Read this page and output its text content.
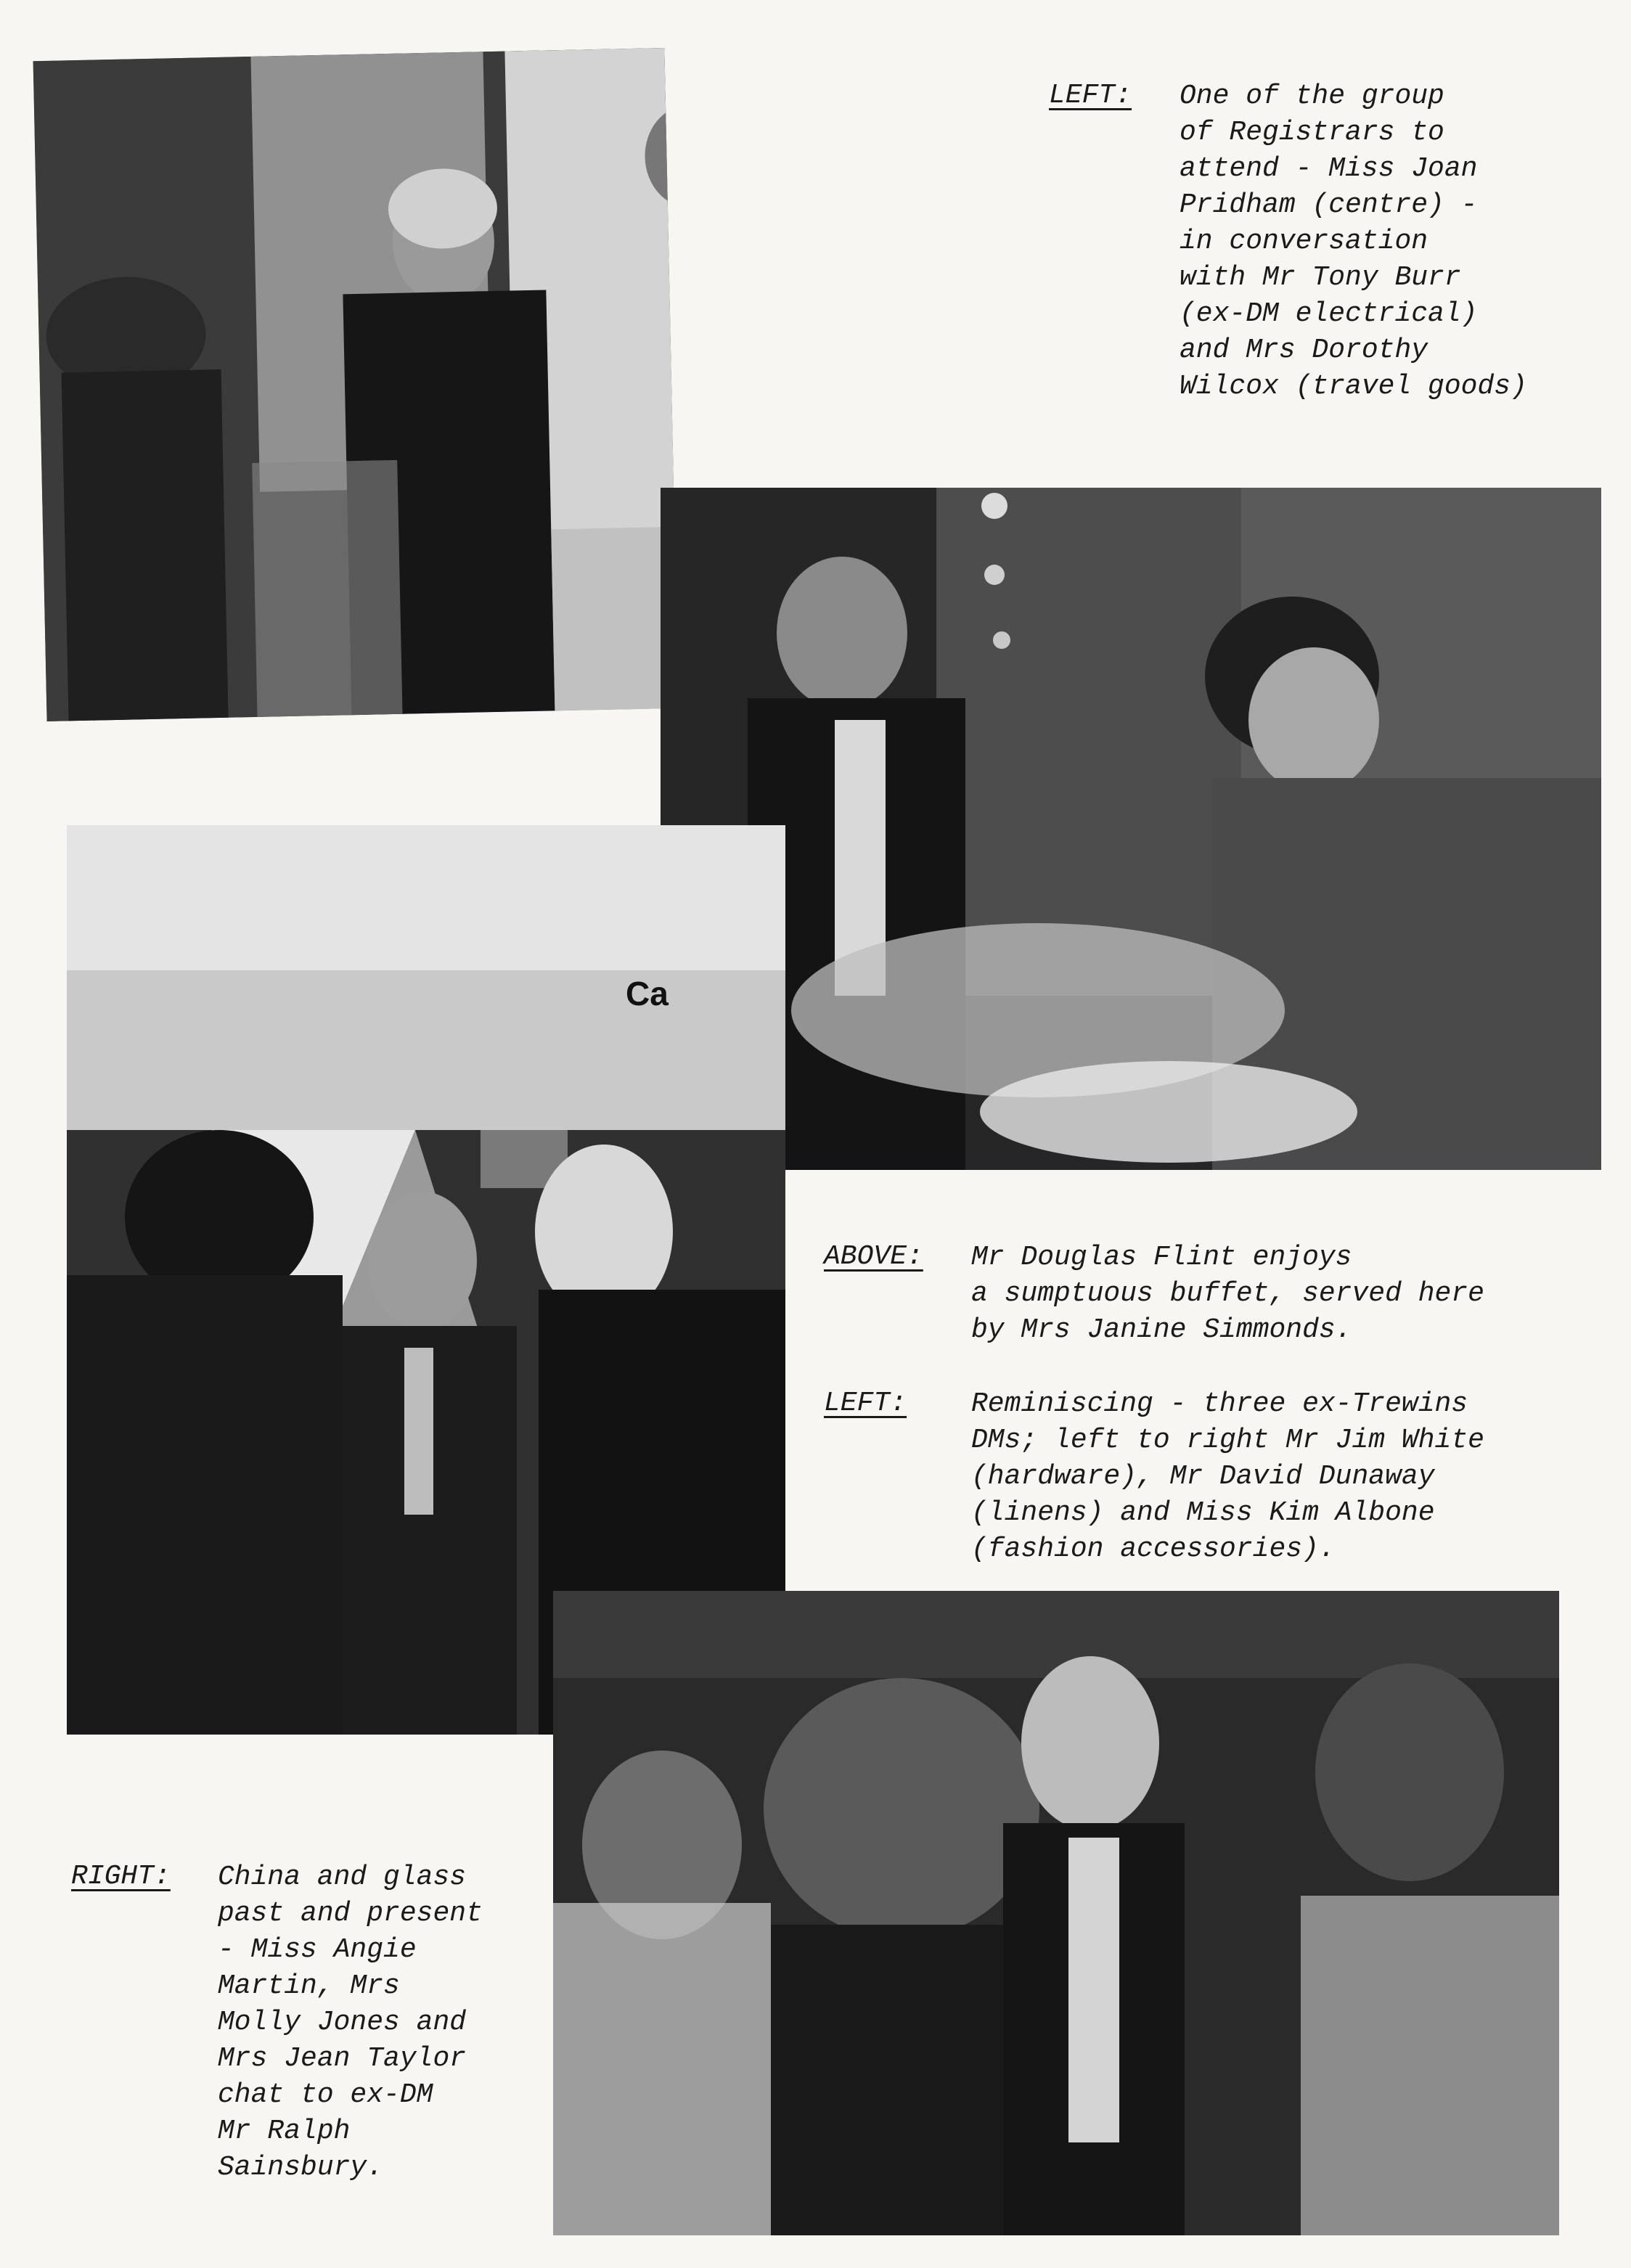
LEFT: One of the group
of Registrars to
attend - Miss Joan
Pridham (centre) -
in conversation
with Mr Tony Burr
(ex-DM electrical)
and Mrs Dorothy
Wilcox (travel goods)
Ca
ABOVE: Mr Douglas Flint enjoys
a sumptuous buffet, served here
by Mrs Janine Simmonds.
LEFT: Reminiscing - three ex-Trewins
DMs; left to right Mr Jim White
(hardware), Mr David Dunaway
(linens) and Miss Kim Albone
(fashion accessories).
RIGHT: China and glass
past and present
- Miss Angie
Martin, Mrs
Molly Jones and
Mrs Jean Taylor
chat to ex-DM
Mr Ralph
Sainsbury.
